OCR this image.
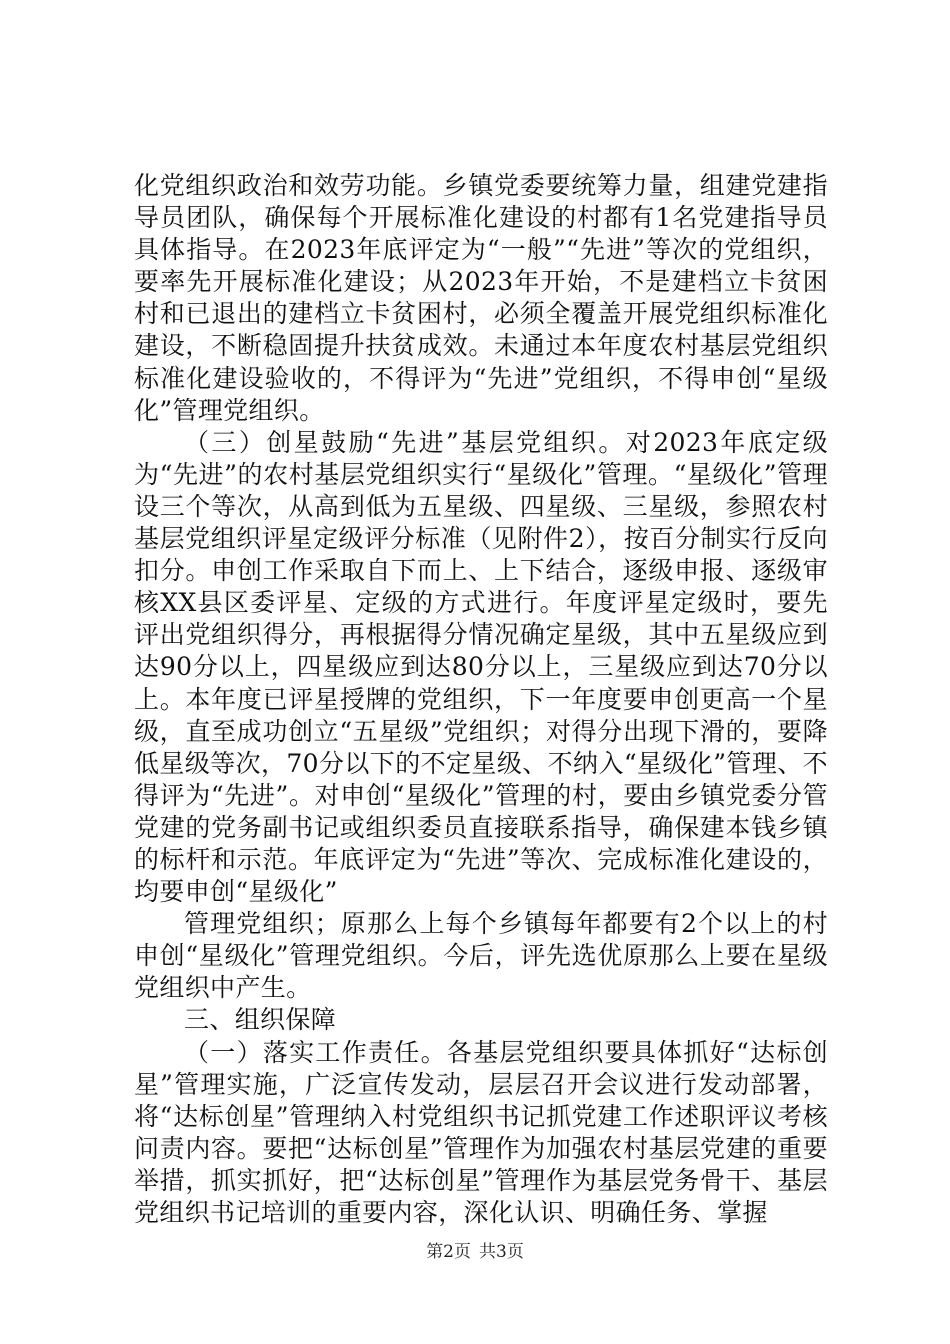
化党组织政治和效劳功能。乡镇党委要统筹力量，组建党建指导员团队，确保每个开展标准化建设的村都有1名党建指导员具体指导。在2023年底评定为“一般”“先进”等次的党组织，要率先开展标准化建设；从2023年开始，不是建档立卡贫困村和已退出的建档立卡贫困村，必须全覆盖开展党组织标准化建设，不断稳固提升扶贫成效。未通过本年度农村基层党组织标准化建设验收的，不得评为“先进”党组织，不得申创“星级化”管理党组织。

（三）创星鼓励“先进”基层党组织。对2023年底定级为“先进”的农村基层党组织实行“星级化”管理。“星级化”管理设三个等次，从高到低为五星级、四星级、三星级，参照农村基层党组织评星定级评分标准（见附件2），按百分制实行反向扣分。申创工作采取自下而上、上下结合，逐级申报、逐级审核XX县区委评星、定级的方式进行。年度评星定级时，要先评出党组织得分，再根据得分情况确定星级，其中五星级应到达90分以上，四星级应到达80分以上，三星级应到达70分以上。本年度已评星授牌的党组织，下一年度要申创更高一个星级，直至成功创立“五星级”党组织；对得分出现下滑的，要降低星级等次，70分以下的不定星级、不纳入“星级化”管理、不得评为“先进”。对申创“星级化”管理的村，要由乡镇党委分管党建的党务副书记或组织委员直接联系指导，确保建本钱乡镇的标杆和示范。年底评定为“先进”等次、完成标准化建设的，均要申创“星级化”

管理党组织；原那么上每个乡镇每年都要有2个以上的村申创“星级化”管理党组织。今后，评先选优原那么上要在星级党组织中产生。

三、组织保障

（一）落实工作责任。各基层党组织要具体抓好“达标创星”管理实施，广泛宣传发动，层层召开会议进行发动部署，将“达标创星”管理纳入村党组织书记抓党建工作述职评议考核问责内容。要把“达标创星”管理作为加强农村基层党建的重要举措，抓实抓好，把“达标创星”管理作为基层党务骨干、基层党组织书记培训的重要内容，深化认识、明确任务、掌握

第2页 共3页
